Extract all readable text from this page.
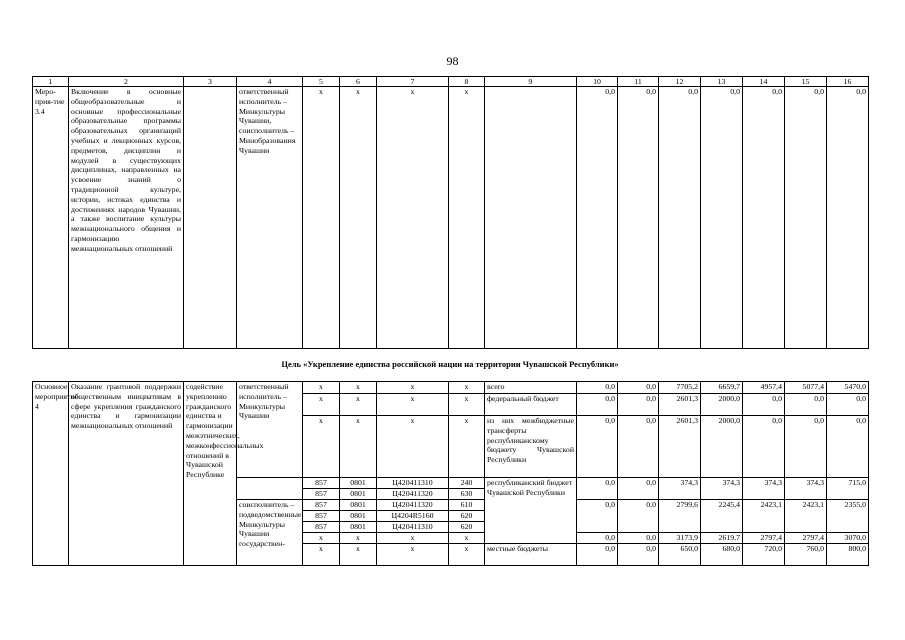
98
1	2	3	4	5	6	7	8	9	10	11	12	13	14	15	16
Меро-прия-тие 3.4	Включение в основные общеобразовательные и основные профессиональные образовательные программы образовательных организаций учебных и лекционных курсов, предметов, дисциплин и модулей в существующих дисциплинах, направленных на усвоение знаний о традиционной культуре, истории, истоках единства и достижениях народов Чувашии, а также воспитание культуры межнационального общения и гармонизацию межнациональных отношений		ответственный исполнитель – Минкультуры Чувашии, соисполнитель – Минобразования Чувашии	x	x	x	x		0,0	0,0	0,0	0,0	0,0	0,0	0,0
Цель «Укрепление единства российской нации на территории Чувашской Республики»
Основное мероприятие 4	Оказание грантовой поддержки общественным инициативам в сфере укрепления гражданского единства и гармонизации межнациональных отношений	содействие укреплению гражданского единства и гармонизации межэтнических, межконфессиональных отношений в Чувашской Республике	ответственный исполнитель – Минкультуры Чувашии	x	x	x	x	всего	0,0	0,0	7705,2	6659,7	4957,4	5077,4	5470,0
				x	x	x	x	федеральный бюджет	0,0	0,0	2601,3	2000,0	0,0	0,0	0,0
				x	x	x	x	из них межбюджетные трансферты республиканскому бюджету Чувашской Республики	0,0	0,0	2601,3	2000,0	0,0	0,0	0,0
				857	0801	Ц420411310	240	республиканский бюджет Чувашской Республики	0,0	0,0	374,3	374,3	374,3	374,3	715,0
				857	0801	Ц420411320	630								
			соисполнитель – подведомственные Минкультуры Чувашии государствен-	857	0801	Ц420411320	610		0,0	0,0	2799,6	2245,4	2423,1	2423,1	2355,0
				857	0801	Ц4204R5160	620								
				857	0801	Ц420411310	620								
				x	x	x	x		0,0	0,0	3173,9	2619,7	2797,4	2797,4	3070,0
				x	x	x	x	местные бюджеты	0,0	0,0	650,0	680,0	720,0	760,0	800,0
